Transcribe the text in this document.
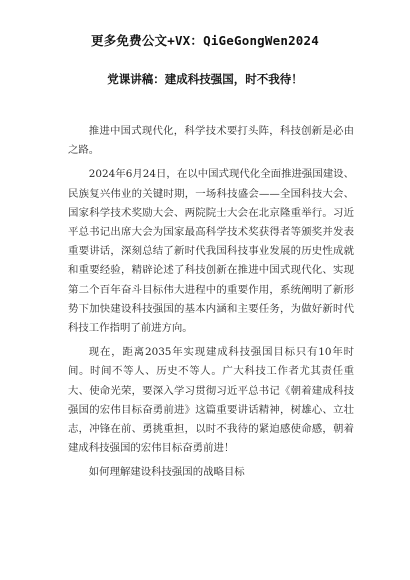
更多免费公文+VX：QiGeGongWen2024
党课讲稿：建成科技强国，时不我待！

推进中国式现代化，科学技术要打头阵，科技创新是必由之路。

2024年6月24日，在以中国式现代化全面推进强国建设、民族复兴伟业的关键时期，一场科技盛会——全国科技大会、国家科学技术奖励大会、两院院士大会在北京隆重举行。习近平总书记出席大会为国家最高科学技术奖获得者等颁奖并发表重要讲话，深刻总结了新时代我国科技事业发展的历史性成就和重要经验，精辟论述了科技创新在推进中国式现代化、实现第二个百年奋斗目标伟大进程中的重要作用，系统阐明了新形势下加快建设科技强国的基本内涵和主要任务，为做好新时代科技工作指明了前进方向。

现在，距离2035年实现建成科技强国目标只有10年时间。时间不等人、历史不等人。广大科技工作者尤其责任重大、使命光荣，要深入学习贯彻习近平总书记《朝着建成科技强国的宏伟目标奋勇前进》这篇重要讲话精神，树雄心、立壮志，冲锋在前、勇挑重担，以时不我待的紧迫感使命感，朝着建成科技强国的宏伟目标奋勇前进！

如何理解建设科技强国的战略目标
